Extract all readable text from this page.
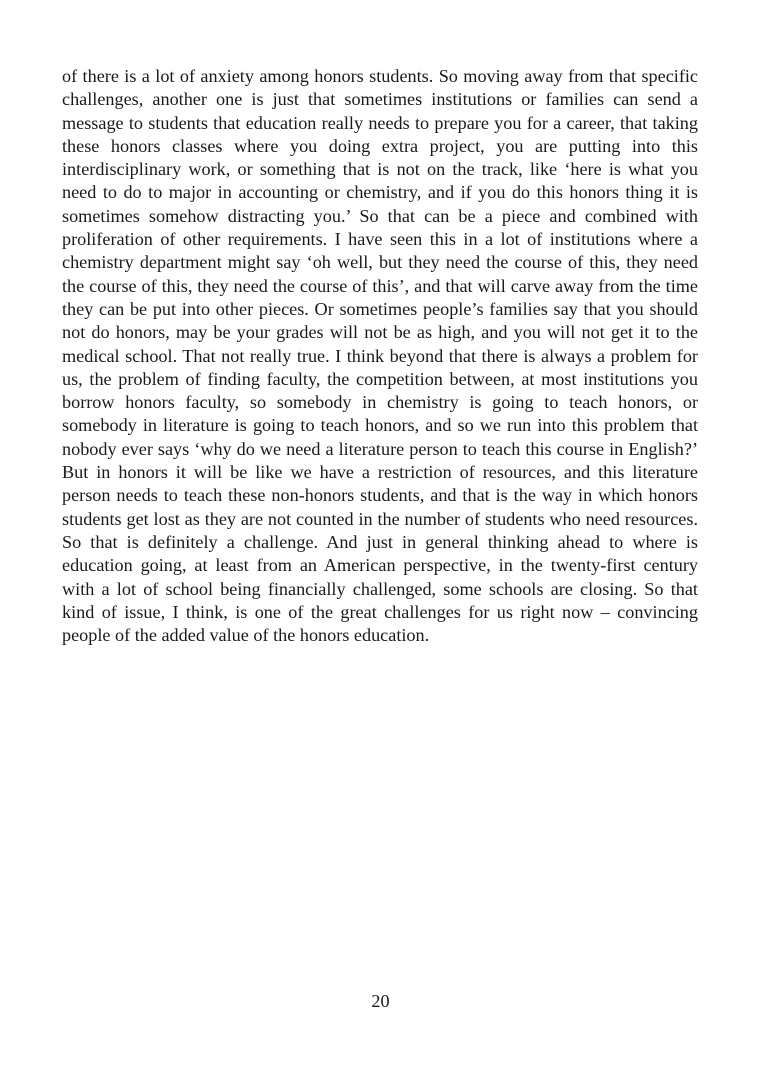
of there is a lot of anxiety among honors students. So moving away from that specific challenges, another one is just that sometimes institutions or families can send a message to students that education really needs to prepare you for a career, that taking these honors classes where you doing extra project, you are putting into this interdisciplinary work, or something that is not on the track, like ‘here is what you need to do to major in accounting or chemistry, and if you do this honors thing it is sometimes somehow distracting you.’ So that can be a piece and combined with proliferation of other requirements. I have seen this in a lot of institutions where a chemistry department might say ‘oh well, but they need the course of this, they need the course of this, they need the course of this’, and that will carve away from the time they can be put into other pieces. Or sometimes people’s families say that you should not do honors, may be your grades will not be as high, and you will not get it to the medical school. That not really true. I think beyond that there is always a problem for us, the problem of finding faculty, the competition between, at most institutions you borrow honors faculty, so somebody in chemistry is going to teach honors, or somebody in literature is going to teach honors, and so we run into this problem that nobody ever says ‘why do we need a literature person to teach this course in English?’ But in honors it will be like we have a restriction of resources, and this literature person needs to teach these non-honors students, and that is the way in which honors students get lost as they are not counted in the number of students who need resources. So that is definitely a challenge. And just in general thinking ahead to where is education going, at least from an American perspective, in the twenty-first century with a lot of school being financially challenged, some schools are closing. So that kind of issue, I think, is one of the great challenges for us right now – convincing people of the added value of the honors education.

20
